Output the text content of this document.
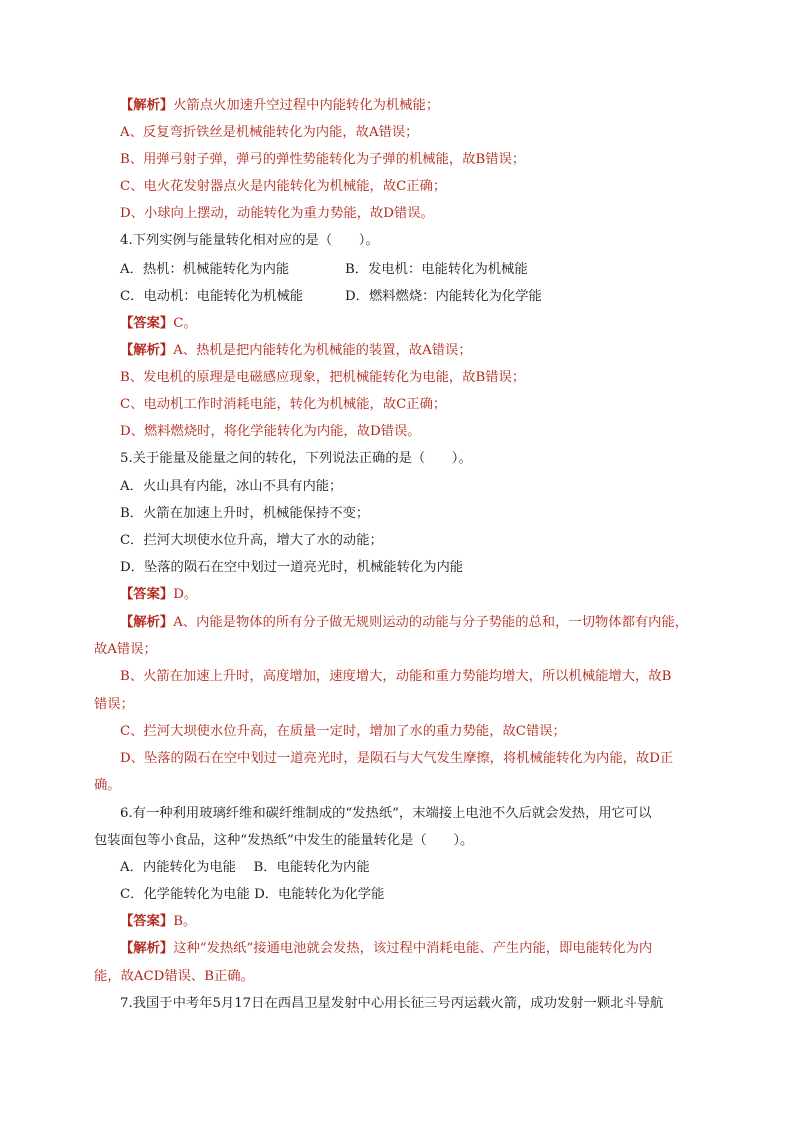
【解析】火箭点火加速升空过程中内能转化为机械能；
A、反复弯折铁丝是机械能转化为内能，故A错误；
B、用弹弓射子弹，弹弓的弹性势能转化为子弹的机械能，故B错误；
C、电火花发射器点火是内能转化为机械能，故C正确；
D、小球向上摆动，动能转化为重力势能，故D错误。
4.下列实例与能量转化相对应的是（　　）。
A．热机：机械能转化为内能	B．发电机：电能转化为机械能
C．电动机：电能转化为机械能	D．燃料燃烧：内能转化为化学能
【答案】C。
【解析】A、热机是把内能转化为机械能的装置，故A错误；
B、发电机的原理是电磁感应现象，把机械能转化为电能，故B错误；
C、电动机工作时消耗电能，转化为机械能，故C正确；
D、燃料燃烧时，将化学能转化为内能，故D错误。
5.关于能量及能量之间的转化，下列说法正确的是（　　）。
A．火山具有内能，冰山不具有内能；
B．火箭在加速上升时，机械能保持不变；
C．拦河大坝使水位升高，增大了水的动能；
D．坠落的陨石在空中划过一道亮光时，机械能转化为内能
【答案】D。
【解析】A、内能是物体的所有分子做无规则运动的动能与分子势能的总和，一切物体都有内能，
故A错误；
B、火箭在加速上升时，高度增加，速度增大，动能和重力势能均增大，所以机械能增大，故B
错误；
C、拦河大坝使水位升高，在质量一定时，增加了水的重力势能，故C错误；
D、坠落的陨石在空中划过一道亮光时，是陨石与大气发生摩擦，将机械能转化为内能，故D正
确。
6.有一种利用玻璃纤维和碳纤维制成的“发热纸“，末端接上电池不久后就会发热，用它可以
包装面包等小食品，这种“发热纸”中发生的能量转化是（　　）。
A．内能转化为电能　 B．电能转化为内能
C．化学能转化为电能 D．电能转化为化学能
【答案】B。
【解析】这种“发热纸”接通电池就会发热，该过程中消耗电能、产生内能，即电能转化为内
能，故ACD错误、B正确。
7.我国于中考年5月17日在西昌卫星发射中心用长征三号丙运载火箭，成功发射一颗北斗导航
